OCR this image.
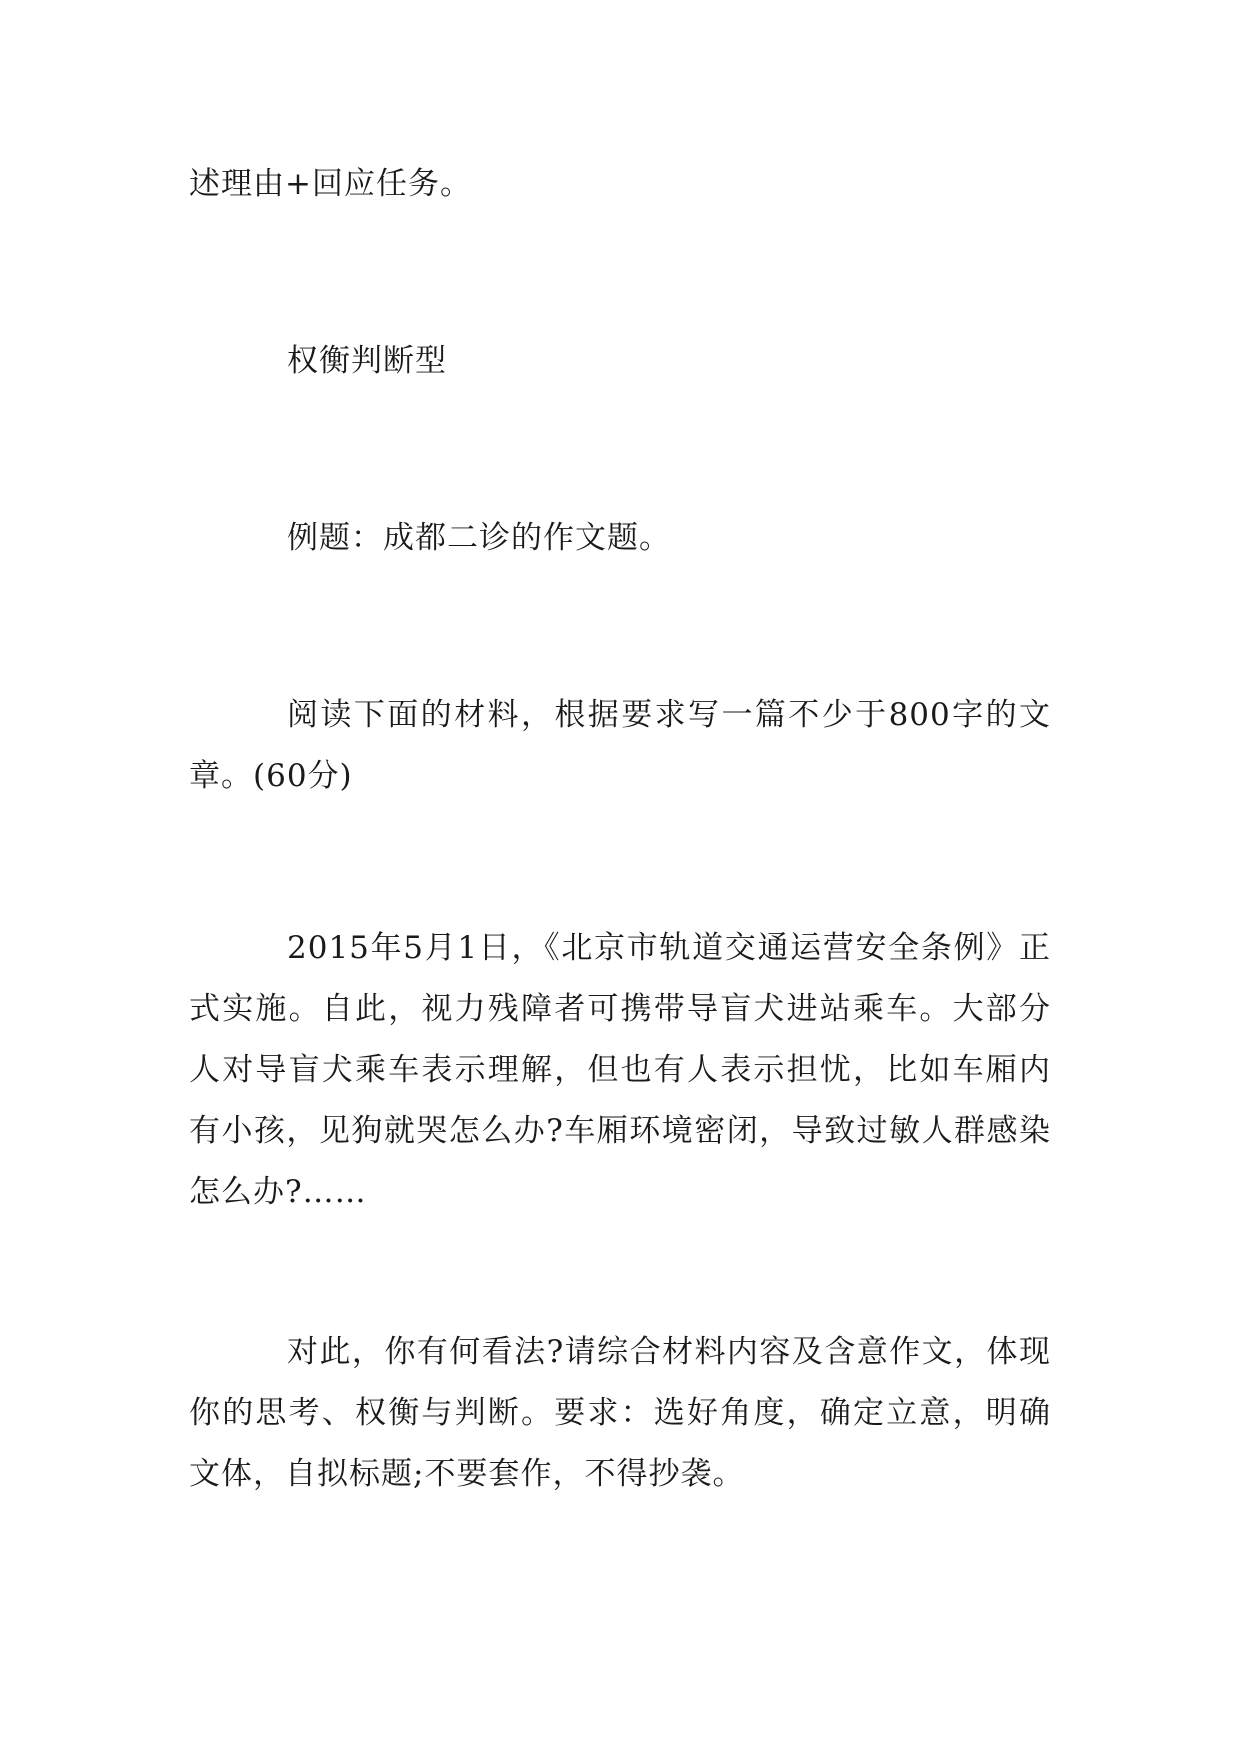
述理由+回应任务。

权衡判断型

例题：成都二诊的作文题。

阅读下面的材料，根据要求写一篇不少于800字的文章。(60分)

2015年5月1日，《北京市轨道交通运营安全条例》正式实施。自此，视力残障者可携带导盲犬进站乘车。大部分人对导盲犬乘车表示理解，但也有人表示担忧，比如车厢内有小孩，见狗就哭怎么办?车厢环境密闭，导致过敏人群感染怎么办?……

对此，你有何看法?请综合材料内容及含意作文，体现你的思考、权衡与判断。要求：选好角度，确定立意，明确文体，自拟标题;不要套作，不得抄袭。
